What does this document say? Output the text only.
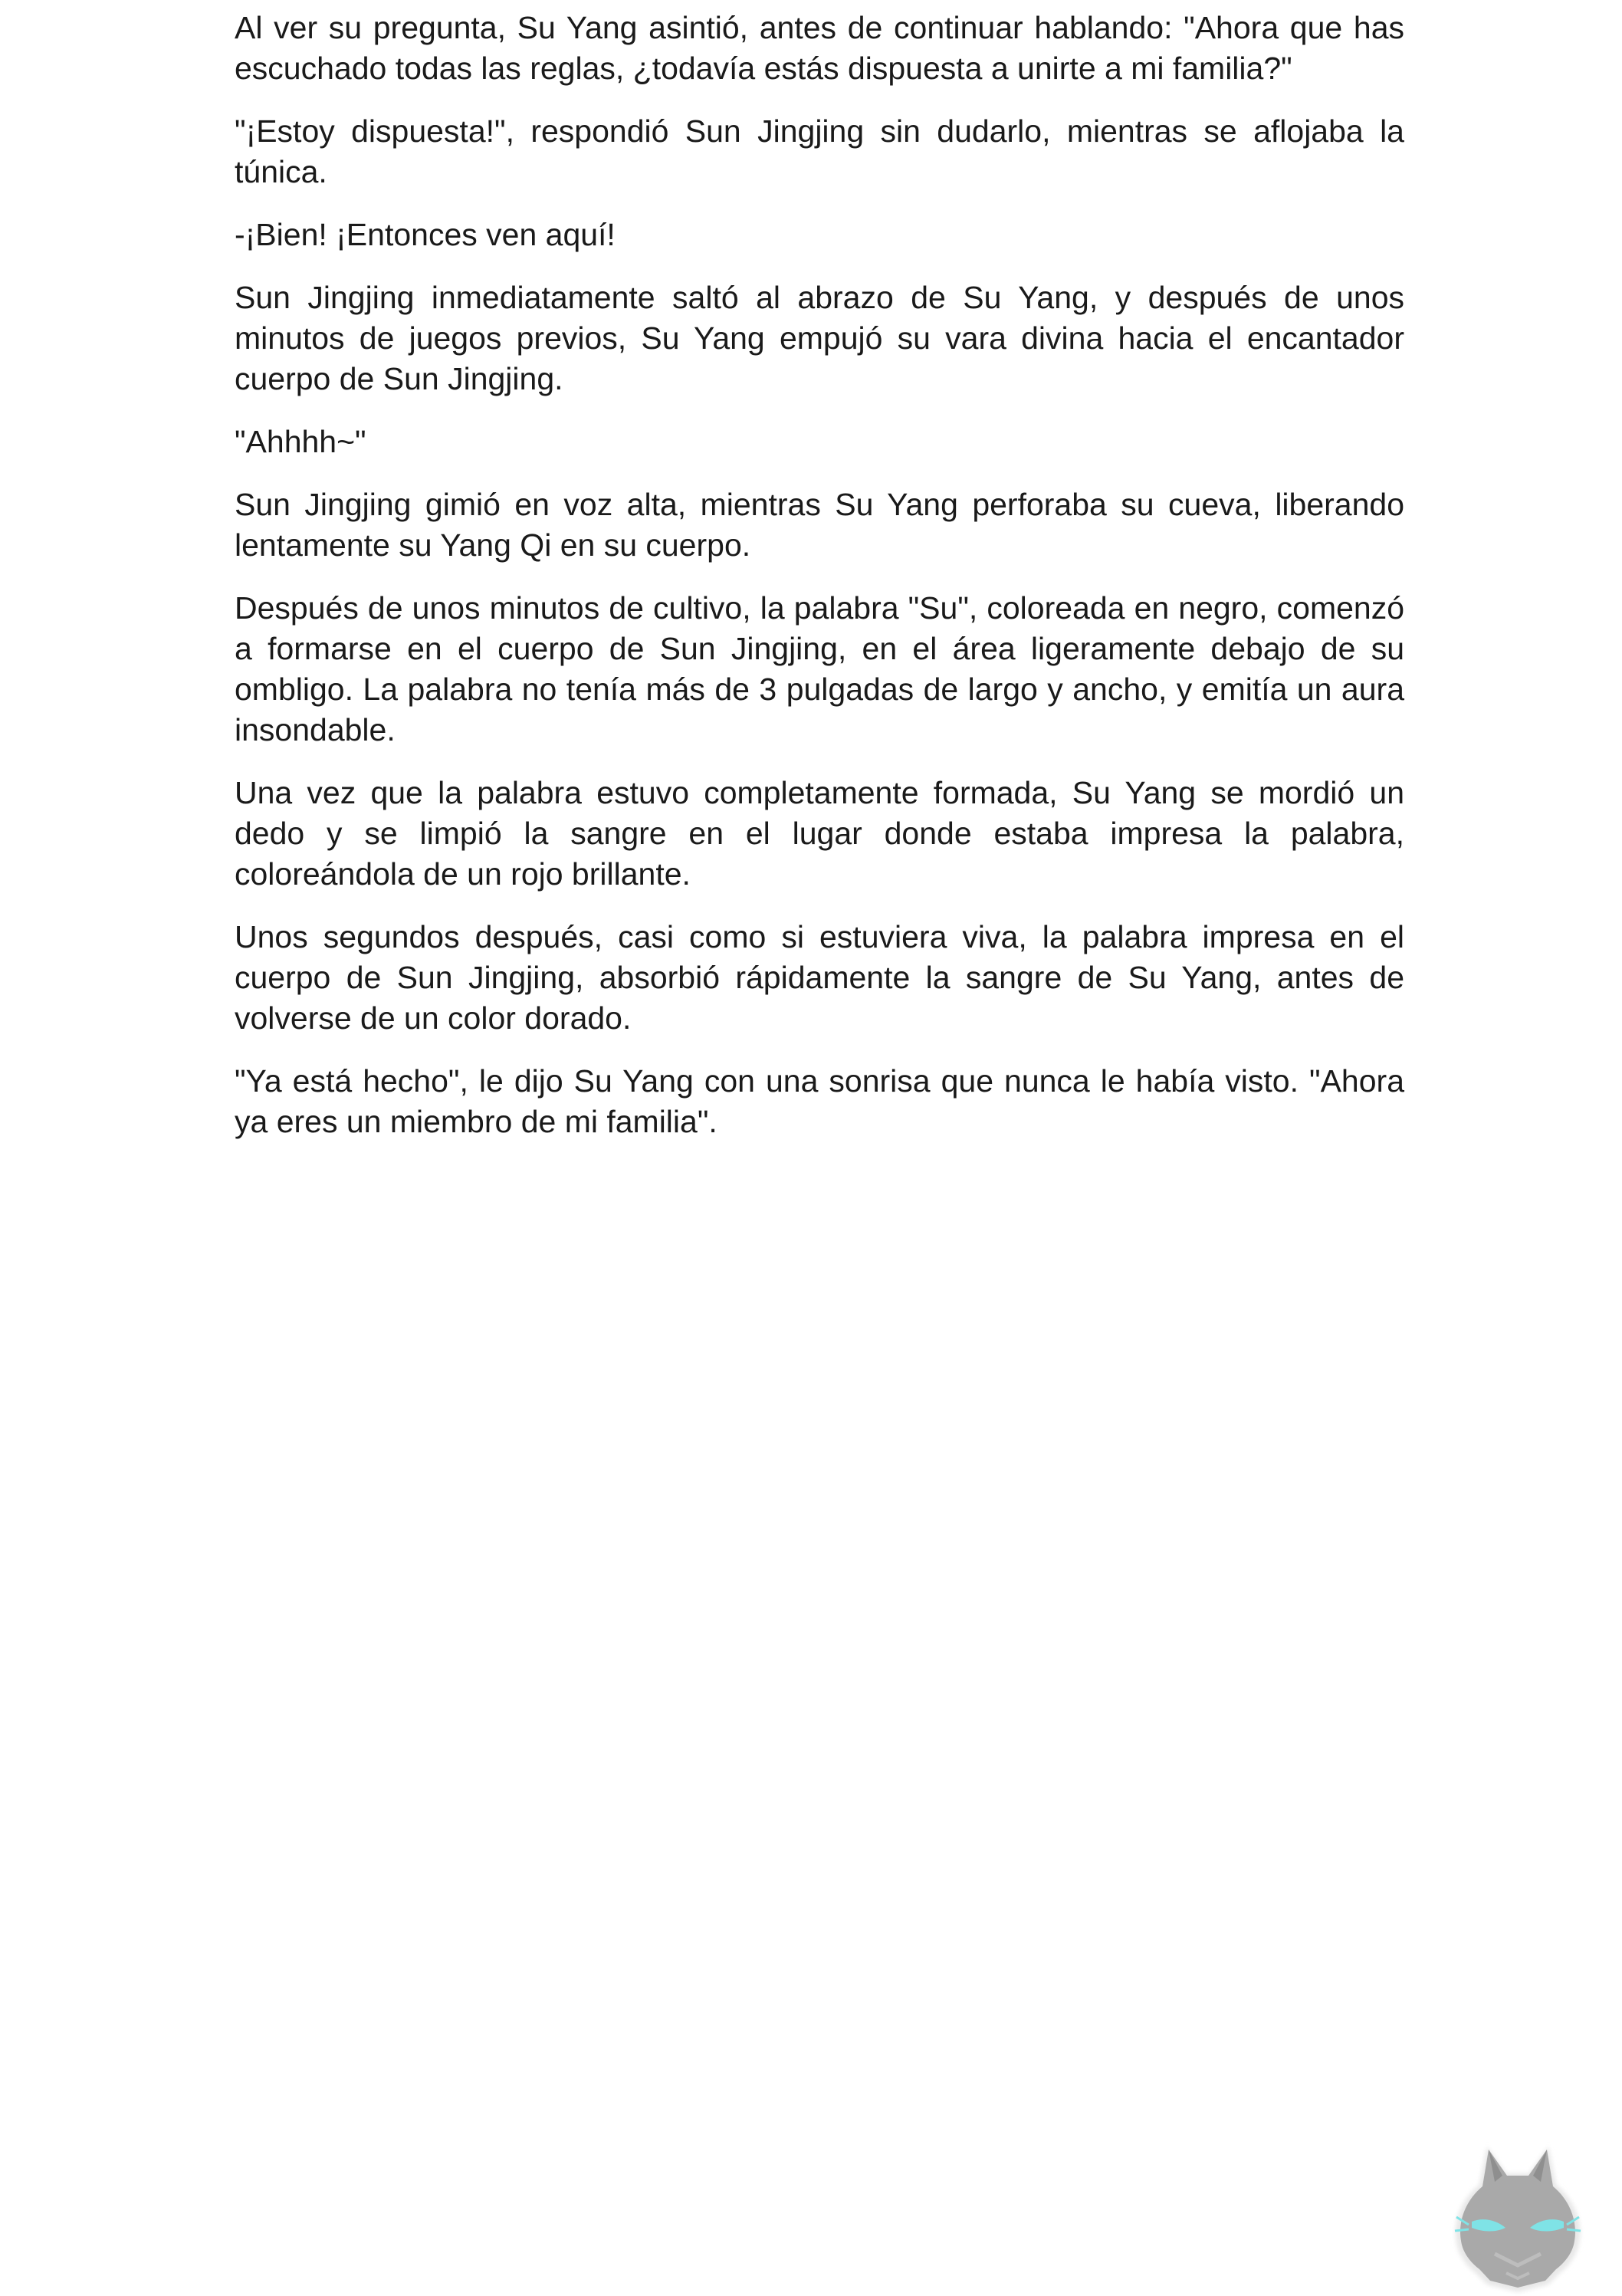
Al ver su pregunta, Su Yang asintió, antes de continuar hablando: "Ahora que has escuchado todas las reglas, ¿todavía estás dispuesta a unirte a mi familia?"

"¡Estoy dispuesta!", respondió Sun Jingjing sin dudarlo, mientras se aflojaba la túnica.

-¡Bien! ¡Entonces ven aquí!

Sun Jingjing inmediatamente saltó al abrazo de Su Yang, y después de unos minutos de juegos previos, Su Yang empujó su vara divina hacia el encantador cuerpo de Sun Jingjing.

"Ahhhh~"

Sun Jingjing gimió en voz alta, mientras Su Yang perforaba su cueva, liberando lentamente su Yang Qi en su cuerpo.

Después de unos minutos de cultivo, la palabra "Su", coloreada en negro, comenzó a formarse en el cuerpo de Sun Jingjing, en el área ligeramente debajo de su ombligo. La palabra no tenía más de 3 pulgadas de largo y ancho, y emitía un aura insondable.

Una vez que la palabra estuvo completamente formada, Su Yang se mordió un dedo y se limpió la sangre en el lugar donde estaba impresa la palabra, coloreándola de un rojo brillante.

Unos segundos después, casi como si estuviera viva, la palabra impresa en el cuerpo de Sun Jingjing, absorbió rápidamente la sangre de Su Yang, antes de volverse de un color dorado.

"Ya está hecho", le dijo Su Yang con una sonrisa que nunca le había visto. "Ahora ya eres un miembro de mi familia".
